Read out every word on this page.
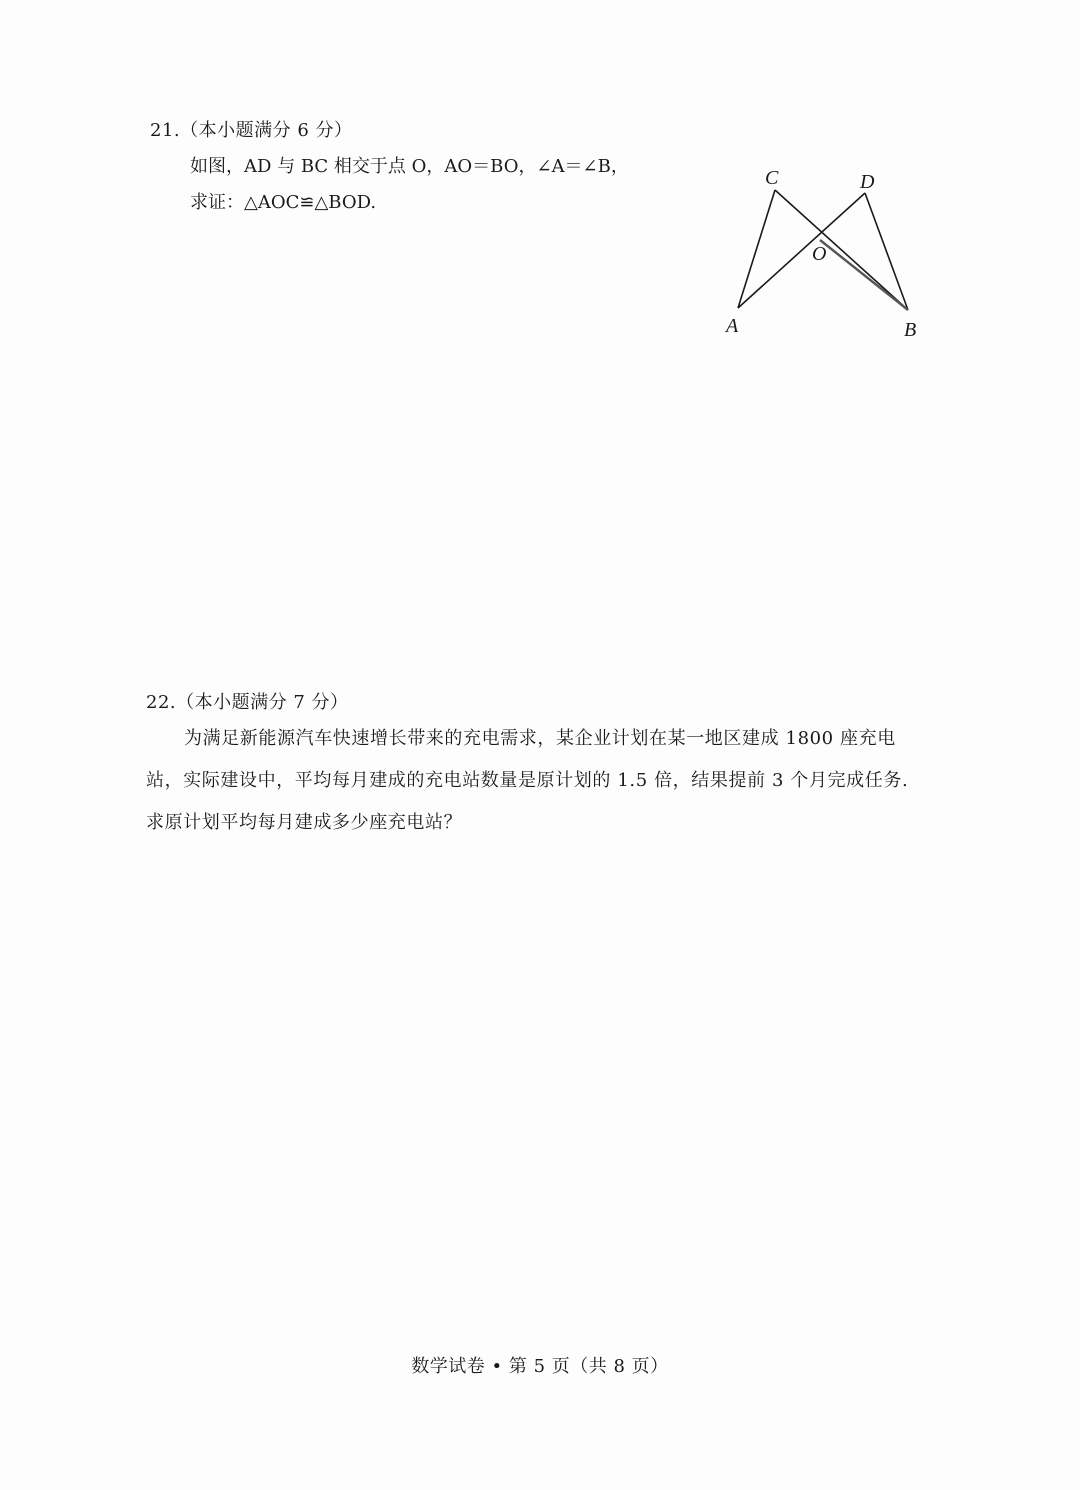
21.（本小题满分 6 分）
如图，AD 与 BC 相交于点 O，AO＝BO，∠A＝∠B，
求证：△AOC≌△BOD.
C	D
O
A	B
22.（本小题满分 7 分）

为满足新能源汽车快速增长带来的充电需求，某企业计划在某一地区建成 1800 座充电

站，实际建设中，平均每月建成的充电站数量是原计划的 1.5 倍，结果提前 3 个月完成任务.

求原计划平均每月建成多少座充电站？

数学试卷 • 第 5 页（共 8 页）
